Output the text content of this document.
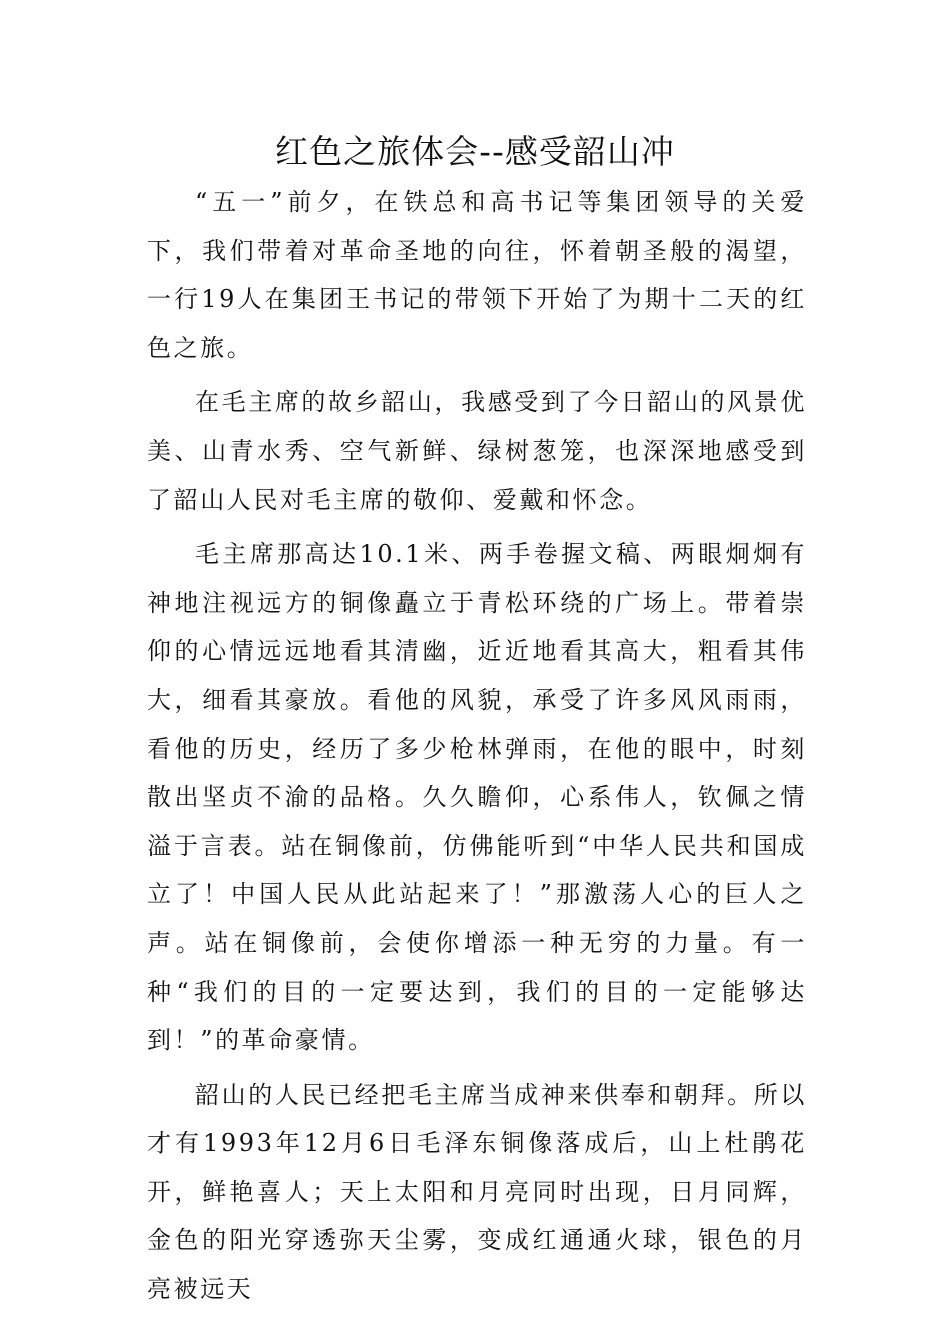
红色之旅体会--感受韶山冲

“五一”前夕，在铁总和高书记等集团领导的关爱下，我们带着对革命圣地的向往，怀着朝圣般的渴望，一行19人在集团王书记的带领下开始了为期十二天的红色之旅。

在毛主席的故乡韶山，我感受到了今日韶山的风景优美、山青水秀、空气新鲜、绿树葱笼，也深深地感受到了韶山人民对毛主席的敬仰、爱戴和怀念。

毛主席那高达10.1米、两手卷握文稿、两眼炯炯有神地注视远方的铜像矗立于青松环绕的广场上。带着崇仰的心情远远地看其清幽，近近地看其高大，粗看其伟大，细看其豪放。看他的风貌，承受了许多风风雨雨，看他的历史，经历了多少枪林弹雨，在他的眼中，时刻散出坚贞不渝的品格。久久瞻仰，心系伟人，钦佩之情溢于言表。站在铜像前，仿佛能听到“中华人民共和国成立了！中国人民从此站起来了！”那激荡人心的巨人之声。站在铜像前，会使你增添一种无穷的力量。有一种“我们的目的一定要达到，我们的目的一定能够达到！”的革命豪情。

韶山的人民已经把毛主席当成神来供奉和朝拜。所以才有1993年12月6日毛泽东铜像落成后，山上杜鹃花开，鲜艳喜人；天上太阳和月亮同时出现，日月同辉，金色的阳光穿透弥天尘雾，变成红通通火球，银色的月亮被远天
